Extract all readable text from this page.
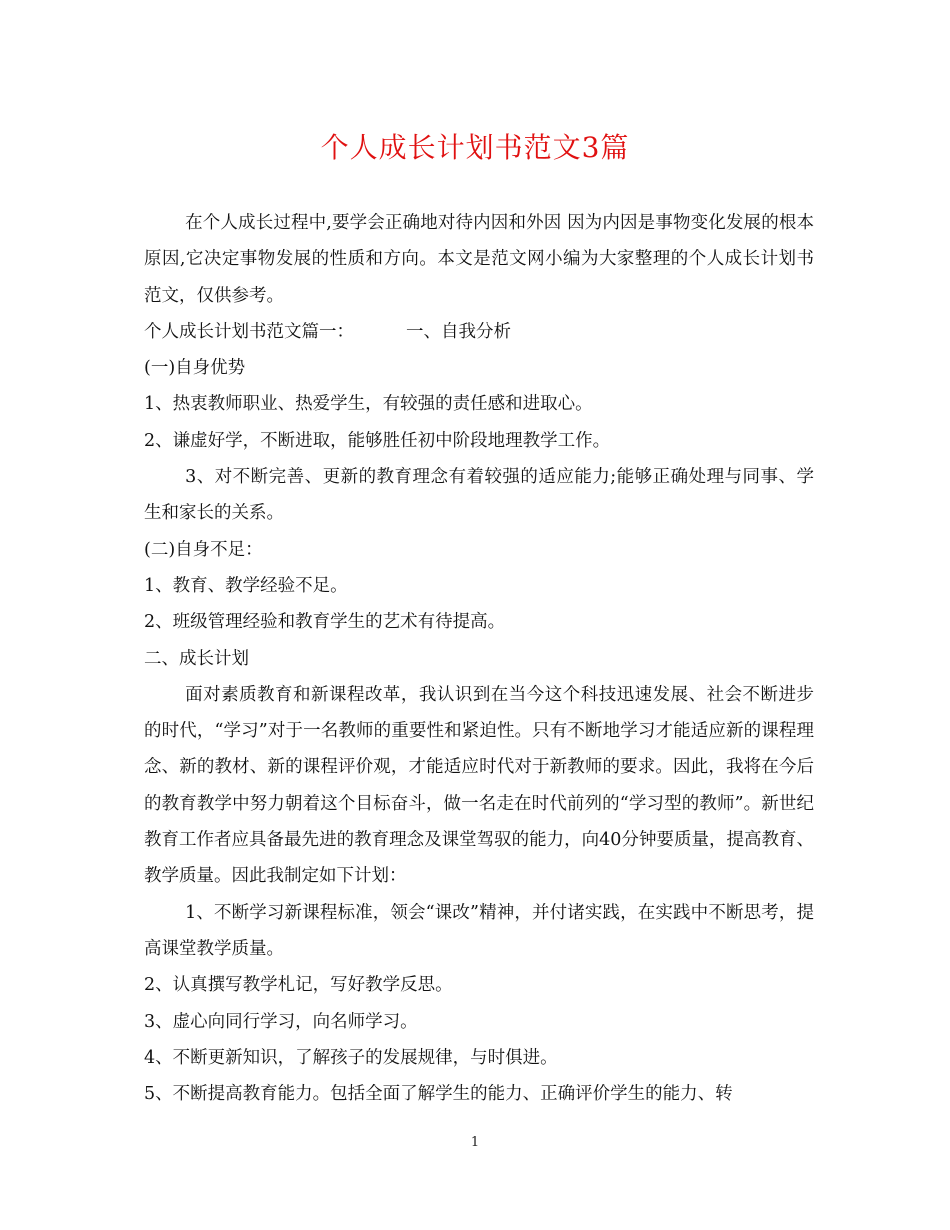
个人成长计划书范文3篇

在个人成长过程中,要学会正确地对待内因和外因 因为内因是事物变化发展的根本原因,它决定事物发展的性质和方向。本文是范文网小编为大家整理的个人成长计划书范文，仅供参考。

个人成长计划书范文篇一：	一、自我分析

(一)自身优势

1、热衷教师职业、热爱学生，有较强的责任感和进取心。

2、谦虚好学，不断进取，能够胜任初中阶段地理教学工作。

3、对不断完善、更新的教育理念有着较强的适应能力;能够正确处理与同事、学生和家长的关系。

(二)自身不足：

1、教育、教学经验不足。

2、班级管理经验和教育学生的艺术有待提高。

二、成长计划

面对素质教育和新课程改革，我认识到在当今这个科技迅速发展、社会不断进步的时代，“学习”对于一名教师的重要性和紧迫性。只有不断地学习才能适应新的课程理念、新的教材、新的课程评价观，才能适应时代对于新教师的要求。因此，我将在今后的教育教学中努力朝着这个目标奋斗，做一名走在时代前列的“学习型的教师”。新世纪教育工作者应具备最先进的教育理念及课堂驾驭的能力，向40分钟要质量，提高教育、教学质量。因此我制定如下计划：

1、不断学习新课程标准，领会“课改”精神，并付诸实践，在实践中不断思考，提高课堂教学质量。

2、认真撰写教学札记，写好教学反思。

3、虚心向同行学习，向名师学习。

4、不断更新知识，了解孩子的发展规律，与时俱进。

5、不断提高教育能力。包括全面了解学生的能力、正确评价学生的能力、转

1
